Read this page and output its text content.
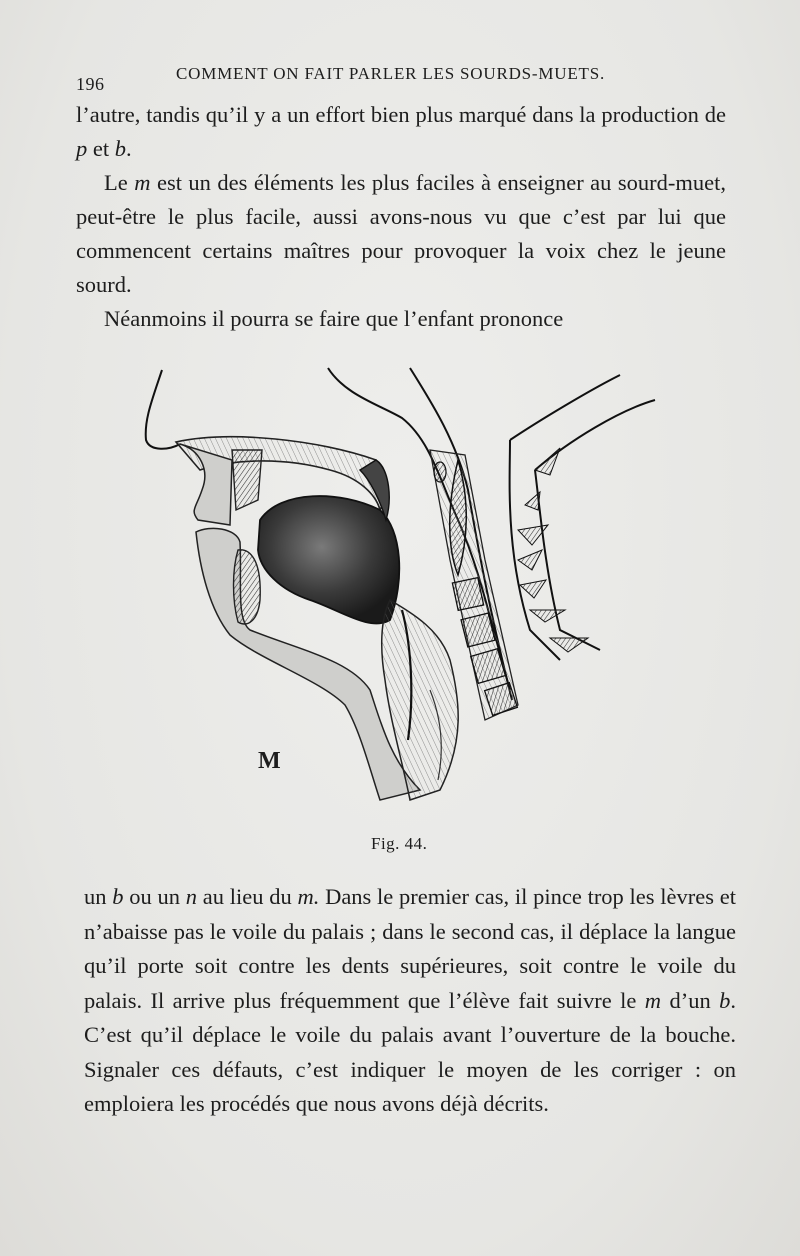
196
COMMENT ON FAIT PARLER LES SOURDS-MUETS.

l’autre, tandis qu’il y a un effort bien plus marqué dans la production de p et b.

Le m est un des éléments les plus faciles à enseigner au sourd-muet, peut-être le plus facile, aussi avons-nous vu que c’est par lui que commencent certains maîtres pour provoquer la voix chez le jeune sourd.

Néanmoins il pourra se faire que l’enfant prononce

M
Fig. 44.

un b ou un n au lieu du m. Dans le premier cas, il pince trop les lèvres et n’abaisse pas le voile du palais ; dans le second cas, il déplace la langue qu’il porte soit contre les dents supérieures, soit contre le voile du palais. Il arrive plus fréquemment que l’élève fait suivre le m d’un b. C’est qu’il déplace le voile du palais avant l’ouverture de la bouche. Signaler ces défauts, c’est indiquer le moyen de les corriger : on emploiera les procédés que nous avons déjà décrits.
